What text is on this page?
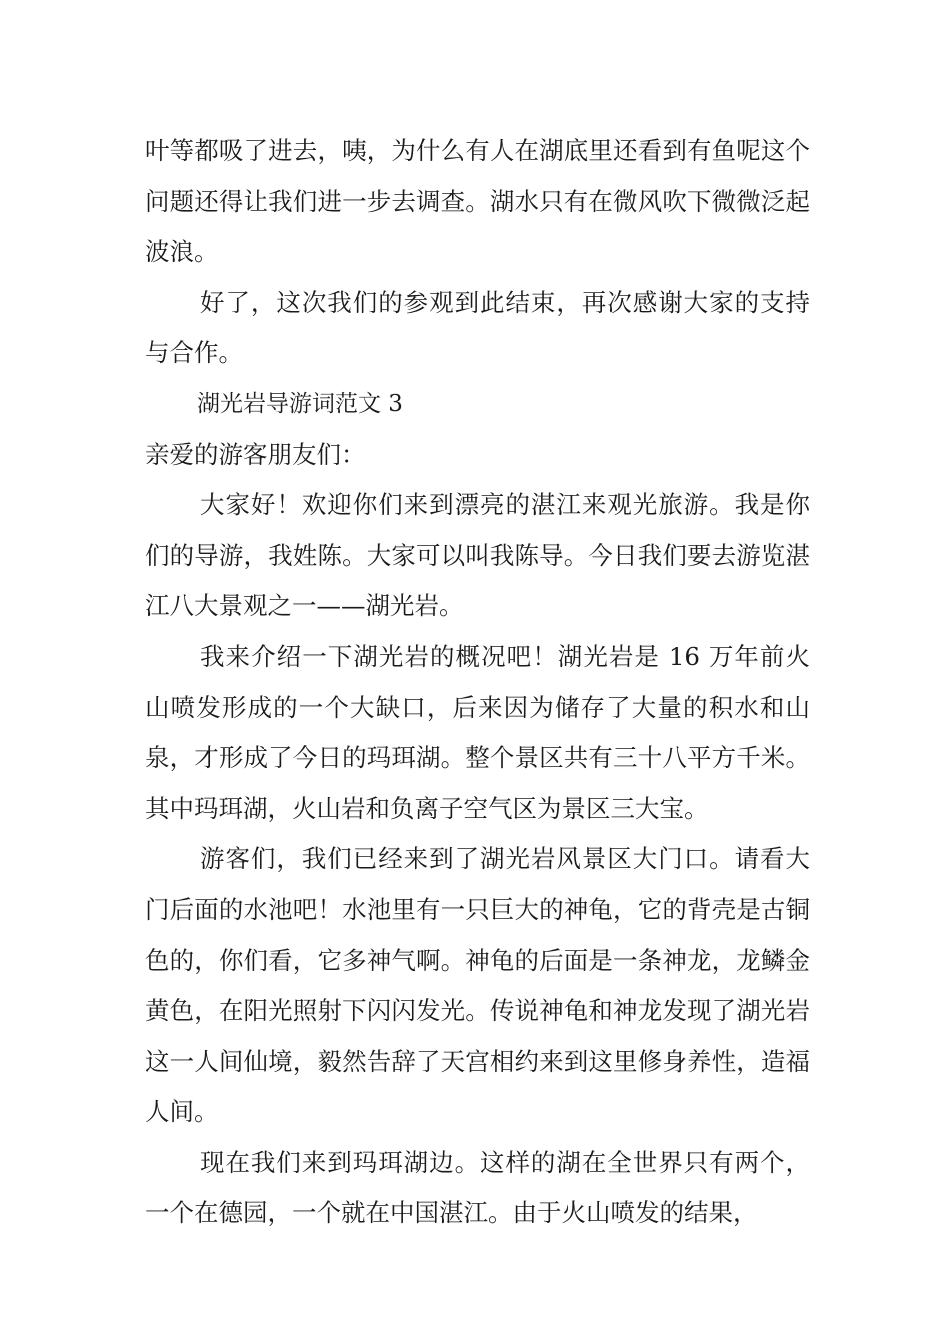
叶等都吸了进去，咦，为什么有人在湖底里还看到有鱼呢这个问题还得让我们进一步去调查。湖水只有在微风吹下微微泛起波浪。

好了，这次我们的参观到此结束，再次感谢大家的支持与合作。

湖光岩导游词范文 3

亲爱的游客朋友们：

大家好！欢迎你们来到漂亮的湛江来观光旅游。我是你们的导游，我姓陈。大家可以叫我陈导。今日我们要去游览湛江八大景观之一——湖光岩。

我来介绍一下湖光岩的概况吧！湖光岩是 16 万年前火山喷发形成的一个大缺口，后来因为储存了大量的积水和山泉，才形成了今日的玛珥湖。整个景区共有三十八平方千米。其中玛珥湖，火山岩和负离子空气区为景区三大宝。

游客们，我们已经来到了湖光岩风景区大门口。请看大门后面的水池吧！水池里有一只巨大的神龟，它的背壳是古铜色的，你们看，它多神气啊。神龟的后面是一条神龙，龙鳞金黄色，在阳光照射下闪闪发光。传说神龟和神龙发现了湖光岩这一人间仙境，毅然告辞了天宫相约来到这里修身养性，造福人间。

现在我们来到玛珥湖边。这样的湖在全世界只有两个，一个在德园，一个就在中国湛江。由于火山喷发的结果，
